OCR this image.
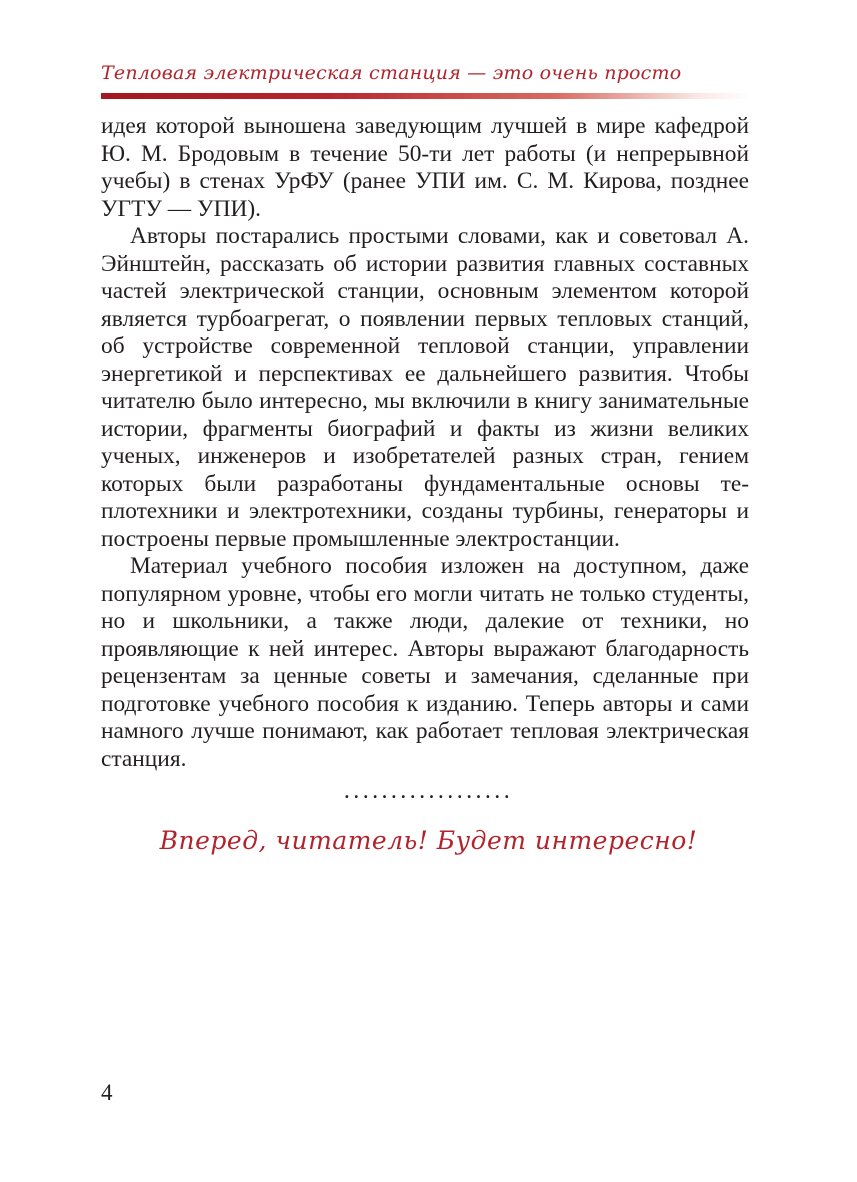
Тепловая электрическая станция — это очень просто

идея которой выношена заведующим лучшей в мире кафедрой Ю. М. Бродовым в течение 50-ти лет работы (и непрерывной учебы) в стенах УрФУ (ранее УПИ им. С. М. Кирова, позднее УГТУ — УПИ).

Авторы постарались простыми словами, как и советовал А. Эйнштейн, рассказать об истории развития главных составных частей электрической станции, основным элементом которой является турбоагрегат, о появлении первых тепловых станций, об устройстве современной тепловой станции, управлении энергетикой и перспективах ее дальнейшего развития. Чтобы читателю было интересно, мы включили в книгу занимательные истории, фрагменты биографий и факты из жизни великих ученых, инженеров и изобретателей разных стран, гением которых были разработаны фундаментальные основы теплотехники и электротехники, созданы турбины, генераторы и построены первые промышленные электростанции.

Материал учебного пособия изложен на доступном, даже популярном уровне, чтобы его могли читать не только студенты, но и школьники, а также люди, далекие от техники, но проявляющие к ней интерес. Авторы выражают благодарность рецензентам за ценные советы и замечания, сделанные при подготовке учебного пособия к изданию. Теперь авторы и сами намного лучше понимают, как работает тепловая электрическая станция.

..................
Вперед, читатель! Будет интересно!
4
